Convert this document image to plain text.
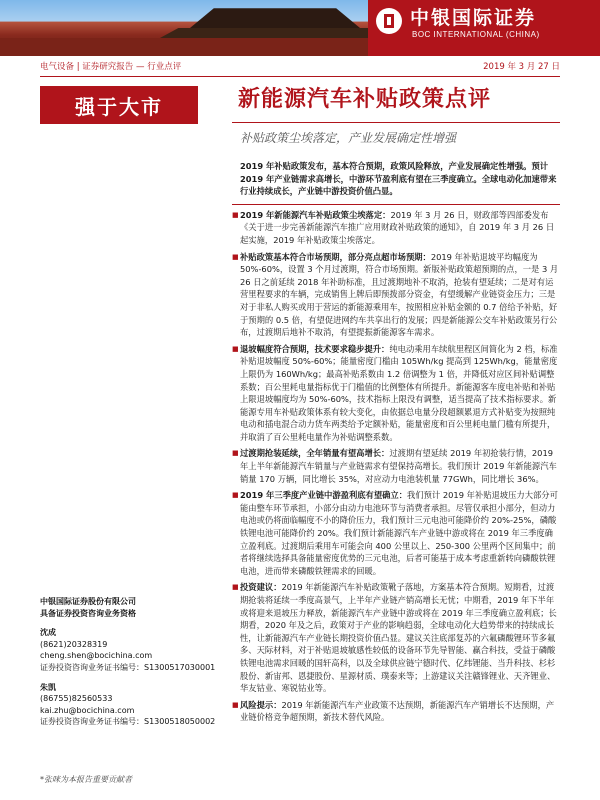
中银国际证券
BOC INTERNATIONAL (CHINA)
电气设备 | 证券研究报告 — 行业点评	2019 年 3 月 27 日
强于大市	新能源汽车补贴政策点评
补贴政策尘埃落定，产业发展确定性增强

2019 年补贴政策发布，基本符合预期，政策风险释放，产业发展确定性增强。预计 2019 年产业链需求高增长，中游环节盈利底有望在三季度确立。全球电动化加速带来行业持续成长，产业链中游投资价值凸显。

■ 2019 年新能源汽车补贴政策尘埃落定：2019 年 3 月 26 日，财政部等四部委发布《关于进一步完善新能源汽车推广应用财政补贴政策的通知》，自 2019 年 3 月 26 日起实施，2019 年补贴政策尘埃落定。

■ 补贴政策基本符合市场预期，部分亮点超市场预期：2019 年补贴退坡平均幅度为 50%-60%，设置 3 个月过渡期，符合市场预期。新版补贴政策超预期的点，一是 3 月 26 日之前延续 2018 年补助标准，且过渡期地补不取消，抢装有望延续；二是对有运营里程要求的车辆，完成销售上牌后即预拨部分资金，有望缓解产业链资金压力；三是对于非私人购买或用于营运的新能源乘用车，按照相应补贴金额的 0.7 倍给予补贴，好于预期的 0.5 倍，有望促进网约车共享出行的发展；四是新能源公交车补贴政策另行公布，过渡期后地补不取消，有望提振新能源客车需求。

■ 退坡幅度符合预期，技术要求稳步提升：纯电动乘用车续航里程区间简化为 2 档，标准补贴退坡幅度 50%-60%；能量密度门槛由 105Wh/kg 提高到 125Wh/kg，能量密度上限仍为 160Wh/kg；最高补贴系数由 1.2 倍调整为 1 倍，并降低对应区间补贴调整系数；百公里耗电量指标优于门槛值的比例整体有所提升。新能源客车度电补贴和补贴上限退坡幅度均为 50%-60%，技术指标上限没有调整，适当提高了技术指标要求。新能源专用车补贴政策体系有较大变化，由依据总电量分段超额累退方式补贴变为按照纯电动和插电混合动力货车两类给予定额补贴，能量密度和百公里耗电量门槛有所提升，并取消了百公里耗电量作为补贴调整系数。

■ 过渡期抢装延续，全年销量有望高增长：过渡期有望延续 2019 年初抢装行情，2019 年上半年新能源汽车销量与产业链需求有望保持高增长。我们预计 2019 年新能源汽车销量 170 万辆，同比增长 35%，对应动力电池装机量 77GWh，同比增长 36%。

■ 2019 年三季度产业链中游盈利底有望确立：我们预计 2019 年补贴退坡压力大部分可能由整车环节承担，小部分由动力电池环节与消费者承担。尽管仅承担小部分，但动力电池或仍将面临幅度不小的降价压力，我们预计三元电池可能降价约 20%-25%，磷酸铁锂电池可能降价约 20%。我们预计新能源汽车产业链中游或将在 2019 年三季度确立盈利底。过渡期后乘用车可能会向 400 公里以上、250-300 公里两个区间集中；前者将继续选择具备能量密度优势的三元电池，后者可能基于成本考虑重新转向磷酸铁锂电池，进而带来磷酸铁锂需求的回暖。

■ 投资建议：2019 年新能源汽车补贴政策靴子落地，方案基本符合预期。短期看，过渡期抢装将延续一季度高景气，上半年产业链产销高增长无忧；中期看，2019 年下半年或将迎来退坡压力释放，新能源汽车产业链中游或将在 2019 年三季度确立盈利底；长期看，2020 年及之后，政策对于产业的影响趋弱，全球电动化大趋势带来的持续成长性，让新能源汽车产业链长期投资价值凸显。建议关注底部复苏的六氟磷酸锂环节多氟多、天际材料，对于补贴退坡敏感性较低的设备环节先导智能、赢合科技，受益于磷酸铁锂电池需求回暖的国轩高科，以及全球供应链宁德时代、亿纬锂能、当升科技、杉杉股份、新宙邦、恩捷股份、星源材质、璞泰来等；上游建议关注赣锋锂业、天齐锂业、华友钴业、寒锐钴业等。

■ 风险提示：2019 年新能源汽车产业政策不达预期，新能源汽车产销增长不达预期，产业链价格竞争超预期，新技术替代风险。

中银国际证券股份有限公司
具备证券投资咨询业务资格
沈成
(8621)20328319
cheng.shen@bocichina.com
证券投资咨询业务证书编号：S1300517030001
朱凯
(86755)82560533
kai.zhu@bocichina.com
证券投资咨询业务证书编号：S1300518050002
*张咪为本报告重要贡献者
